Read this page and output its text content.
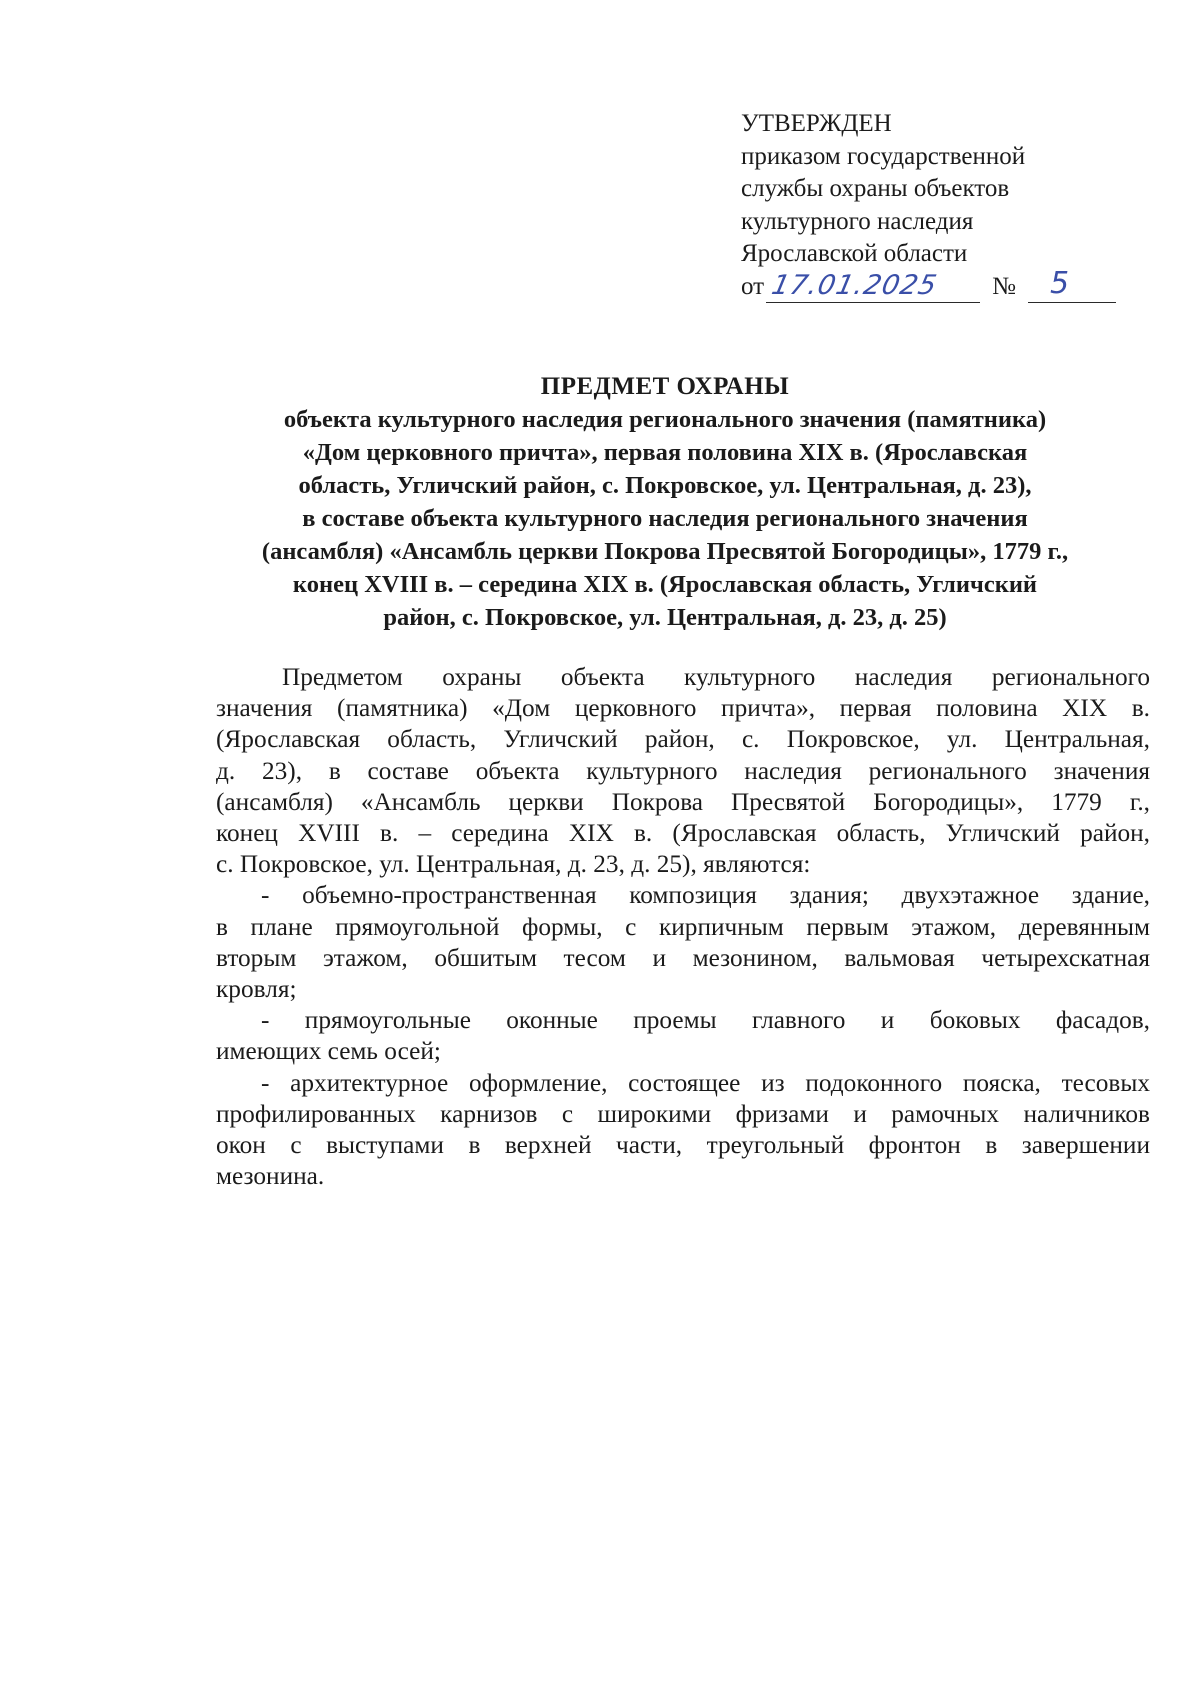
УТВЕРЖДЕН
приказом государственной
службы охраны объектов
культурного наследия
Ярославской области
от 17.01.2025 № 5
ПРЕДМЕТ ОХРАНЫ
объекта культурного наследия регионального значения (памятника)
«Дом церковного причта», первая половина XIX в. (Ярославская
область, Угличский район, с. Покровское, ул. Центральная, д. 23),
в составе объекта культурного наследия регионального значения
(ансамбля) «Ансамбль церкви Покрова Пресвятой Богородицы», 1779 г.,
конец XVIII в. – середина XIX в. (Ярославская область, Угличский
район, с. Покровское, ул. Центральная, д. 23, д. 25)

Предметом охраны объекта культурного наследия регионального

значения (памятника) «Дом церковного причта», первая половина XIX в.

(Ярославская область, Угличский район, с. Покровское, ул. Центральная,

д. 23), в составе объекта культурного наследия регионального значения

(ансамбля) «Ансамбль церкви Покрова Пресвятой Богородицы», 1779 г.,

конец XVIII в. – середина XIX в. (Ярославская область, Угличский район,

с. Покровское, ул. Центральная, д. 23, д. 25), являются:

- объемно-пространственная композиция здания; двухэтажное здание,

в плане прямоугольной формы, с кирпичным первым этажом, деревянным

вторым этажом, обшитым тесом и мезонином, вальмовая четырехскатная

кровля;

- прямоугольные оконные проемы главного и боковых фасадов,

имеющих семь осей;

- архитектурное оформление, состоящее из подоконного пояска, тесовых

профилированных карнизов с широкими фризами и рамочных наличников

окон с выступами в верхней части, треугольный фронтон в завершении

мезонина.
